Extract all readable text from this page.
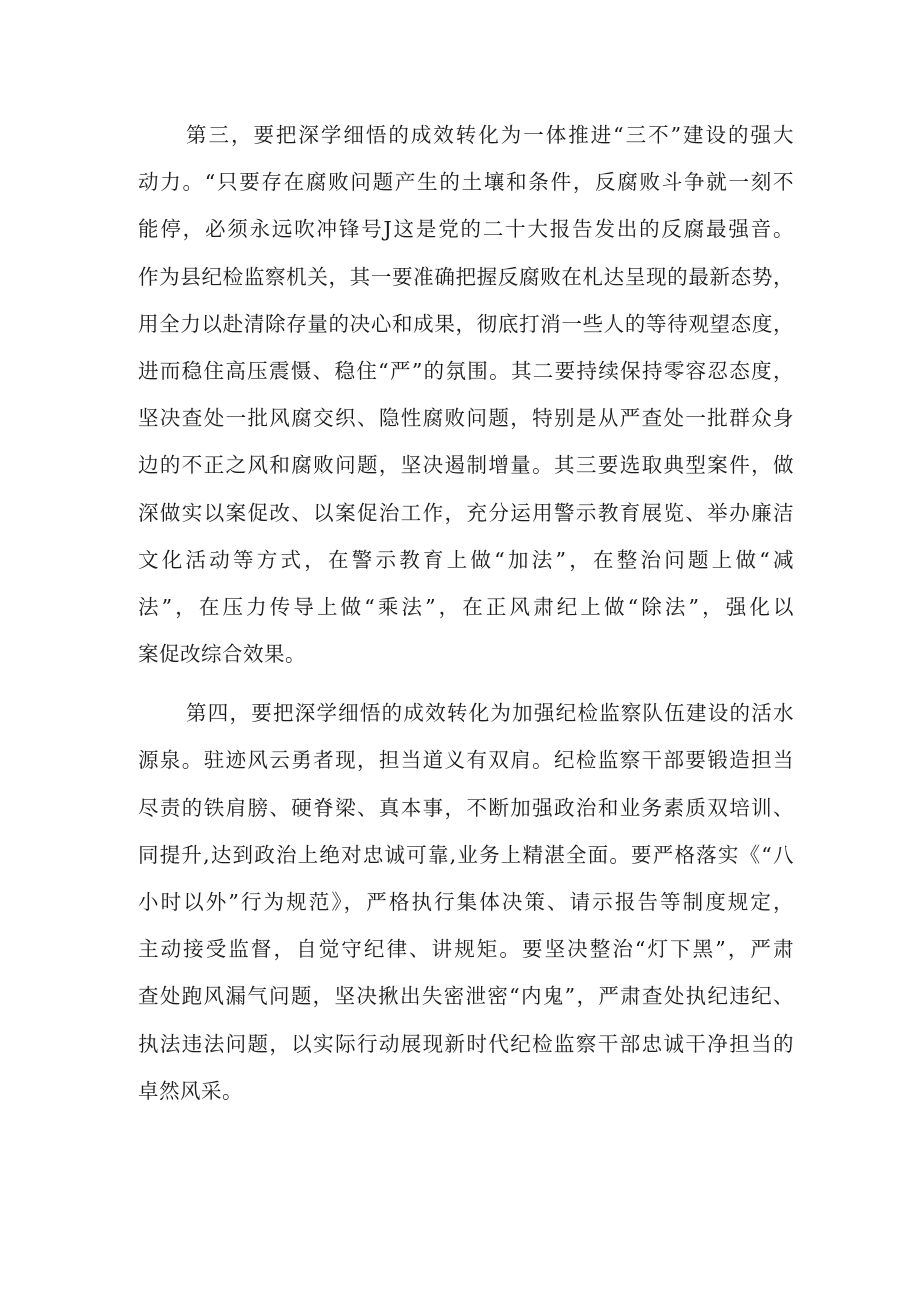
第三，要把深学细悟的成效转化为一体推进“三不”建设的强大
动力。“只要存在腐败问题产生的土壤和条件，反腐败斗争就一刻不
能停，必须永远吹冲锋号J这是党的二十大报告发出的反腐最强音。
作为县纪检监察机关，其一要准确把握反腐败在札达呈现的最新态势，
用全力以赴清除存量的决心和成果，彻底打消一些人的等待观望态度，
进而稳住高压震慑、稳住“严”的氛围。其二要持续保持零容忍态度，
坚决查处一批风腐交织、隐性腐败问题，特别是从严查处一批群众身
边的不正之风和腐败问题，坚决遏制增量。其三要选取典型案件，做
深做实以案促改、以案促治工作，充分运用警示教育展览、举办廉洁
文化活动等方式，在警示教育上做“加法”，在整治问题上做“减
法”，在压力传导上做“乘法”，在正风肃纪上做“除法”，强化以
案促改综合效果。
第四，要把深学细悟的成效转化为加强纪检监察队伍建设的活水
源泉。驻迹风云勇者现，担当道义有双肩。纪检监察干部要锻造担当
尽责的铁肩膀、硬脊梁、真本事，不断加强政治和业务素质双培训、
同提升,达到政治上绝对忠诚可靠,业务上精湛全面。要严格落实《“八
小时以外”行为规范》，严格执行集体决策、请示报告等制度规定，
主动接受监督，自觉守纪律、讲规矩。要坚决整治“灯下黑”，严肃
查处跑风漏气问题，坚决揪出失密泄密“内鬼”，严肃查处执纪违纪、
执法违法问题，以实际行动展现新时代纪检监察干部忠诚干净担当的
卓然风采。
